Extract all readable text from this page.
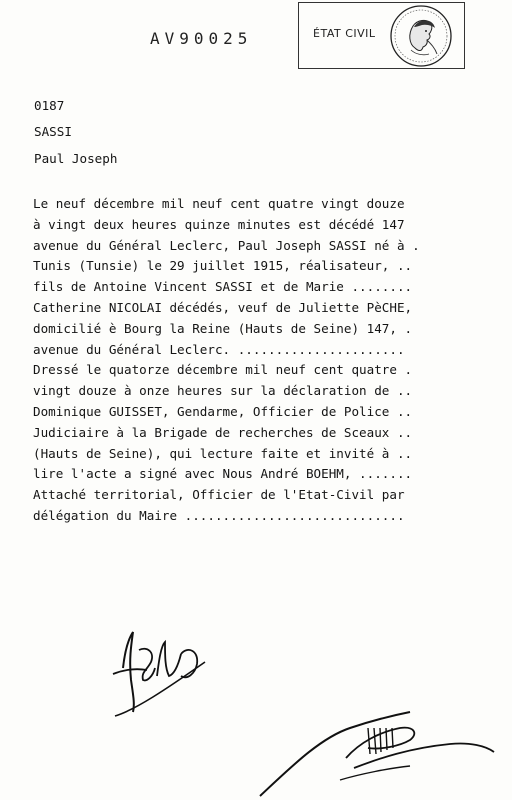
AV90025	ÉTAT CIVIL
0187
SASSI
Paul Joseph
Le neuf décembre mil neuf cent quatre vingt douze
à vingt deux heures quinze minutes est décédé 147
avenue du Général Leclerc, Paul Joseph SASSI né à .
Tunis (Tunsie) le 29 juillet 1915, réalisateur, ..
fils de Antoine Vincent SASSI et de Marie ........
Catherine NICOLAI décédés, veuf de Juliette PèCHE,
domicilié è Bourg la Reine (Hauts de Seine) 147, .
avenue du Général Leclerc. ......................
Dressé le quatorze décembre mil neuf cent quatre .
vingt douze à onze heures sur la déclaration de ..
Dominique GUISSET, Gendarme, Officier de Police ..
Judiciaire à la Brigade de recherches de Sceaux ..
(Hauts de Seine), qui lecture faite et invité à ..
lire l'acte a signé avec Nous André BOEHM, .......
Attaché territorial, Officier de l'Etat-Civil par
délégation du Maire .............................
